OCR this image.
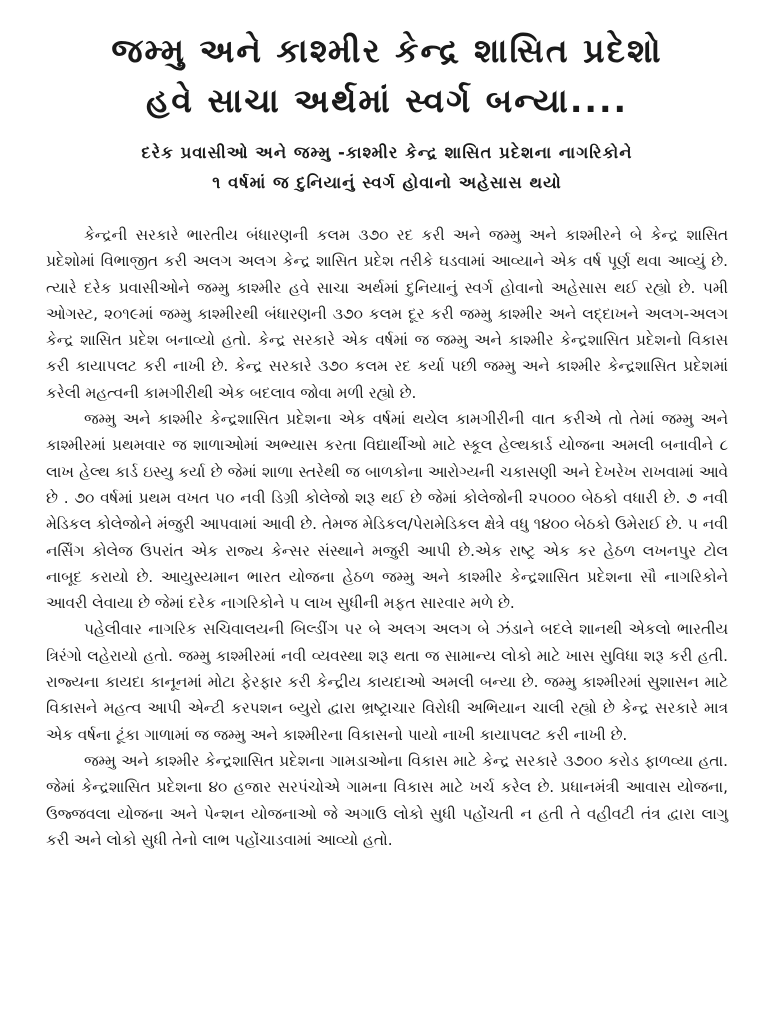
જમ્મુ અને કાશ્મીર કેન્દ્ર શાસિત પ્રદેશો
હવે સાચા અર્થમાં સ્વર્ગ બન્યા....
દરેક પ્રવાસીઓ અને જમ્મુ -કાશ્મીર કેન્દ્ર શાસિત પ્રદેશના નાગરિકોને
૧ વર્ષમાં જ દુનિયાનું સ્વર્ગ હોવાનો અહેસાસ થયો

કેન્દ્રની સરકારે ભારતીય બંધારણની કલમ ૩૭૦ રદ કરી અને જમ્મુ અને કાશ્મીરને બે કેન્દ્ર શાસિત પ્રદેશોમાં વિભાજીત કરી અલગ અલગ કેન્દ્ર શાસિત પ્રદેશ તરીકે ઘડવામાં આવ્યાને એક વર્ષ પૂર્ણ થવા આવ્યું છે. ત્યારે દરેક પ્રવાસીઓને જમ્મુ કાશ્મીર હવે સાચા અર્થમાં દુનિયાનું સ્વર્ગ હોવાનો અહેસાસ થઈ રહ્યો છે. ૫મી ઓગસ્ટ, ૨૦૧૯માં જમ્મુ કાશ્મીરથી બંધારણની ૩૭૦ કલમ દૂર કરી જમ્મુ કાશ્મીર અને લદ્દાખને અલગ-અલગ કેન્દ્ર શાસિત પ્રદેશ બનાવ્યો હતો. કેન્દ્ર સરકારે એક વર્ષમાં જ જમ્મુ અને કાશ્મીર કેન્દ્રશાસિત પ્રદેશનો વિકાસ કરી કાયાપલટ કરી નાખી છે. કેન્દ્ર સરકારે ૩૭૦ કલમ રદ કર્યા પછી જમ્મુ અને કાશ્મીર કેન્દ્રશાસિત પ્રદેશમાં કરેલી મહત્વની કામગીરીથી એક બદલાવ જોવા મળી રહ્યો છે.

જમ્મુ અને કાશ્મીર કેન્દ્રશાસિત પ્રદેશના એક વર્ષમાં થયેલ કામગીરીની વાત કરીએ તો તેમાં જમ્મુ અને કાશ્મીરમાં પ્રથમવાર જ શાળાઓમાં અભ્યાસ કરતા વિદ્યાર્થીઓ માટે સ્કૂલ હેલ્થકાર્ડ યોજના અમલી બનાવીને ૮ લાખ હેલ્થ કાર્ડ ઇસ્યુ કર્યા છે જેમાં શાળા સ્તરેથી જ બાળકોના આરોગ્યની ચકાસણી અને દેખરેખ રાખવામાં આવે છે . ૭૦ વર્ષમાં પ્રથમ વખત ૫૦ નવી ડિગ્રી કોલેજો શરૂ થઈ છે જેમાં કોલેજોની ૨૫૦૦૦ બેઠકો વધારી છે. ૭ નવી મેડિકલ કોલેજોને મંજુરી આપવામાં આવી છે. તેમજ મેડિકલ/પેરામેડિકલ ક્ષેત્રે વધુ ૧૪૦૦ બેઠકો ઉમેરાઈ છે. ૫ નવી નર્સિંગ કોલેજ ઉપરાંત એક રાજ્ય કેન્સર સંસ્થાને મજુરી આપી છે.એક રાષ્ટ્ર એક કર હેઠળ લખનપુર ટોલ નાબૂદ કરાયો છે. આયુસ્યમાન ભારત યોજના હેઠળ જમ્મુ અને કાશ્મીર કેન્દ્રશાસિત પ્રદેશના સૌ નાગરિકોને આવરી લેવાયા છે જેમાં દરેક નાગરિકોને ૫ લાખ સુધીની મફત સારવાર મળે છે.

પહેલીવાર નાગરિક સચિવાલયની બિલ્ડીંગ પર બે અલગ અલગ બે ઝંડાને બદલે શાનથી એકલો ભારતીય ત્રિરંગો લહેરાયો હતો. જમ્મુ કાશ્મીરમાં નવી વ્યવસ્થા શરૂ થતા જ સામાન્ય લોકો માટે ખાસ સુવિધા શરૂ કરી હતી. રાજ્યના કાયદા કાનૂનમાં મોટા ફેરફાર કરી કેન્દ્રીય કાયદાઓ અમલી બન્યા છે. જમ્મુ કાશ્મીરમાં સુશાસન માટે વિકાસને મહત્વ આપી એન્ટી કરપશન બ્યુરો દ્વારા ભ્રષ્ટ્રાચાર વિરોધી અભિયાન ચાલી રહ્યો છે કેન્દ્ર સરકારે માત્ર એક વર્ષના ટૂંકા ગાળામાં જ જમ્મુ અને કાશ્મીરના વિકાસનો પાયો નાખી કાયાપલટ કરી નાખી છે.

જમ્મુ અને કાશ્મીર કેન્દ્રશાસિત પ્રદેશના ગામડાઓના વિકાસ માટે કેન્દ્ર સરકારે ૩૭૦૦ કરોડ ફાળવ્યા હતા. જેમાં કેન્દ્રશાસિત પ્રદેશના ૪૦ હજાર સરપંચોએ ગામના વિકાસ માટે ખર્ચ કરેલ છે. પ્રધાનમંત્રી આવાસ યોજના, ઉજ્જવલા યોજના અને પેન્શન યોજનાઓ જે અગાઉ લોકો સુધી પહોંચતી ન હતી તે વહીવટી તંત્ર દ્વારા લાગુ કરી અને લોકો સુધી તેનો લાભ પહોંચાડવામાં આવ્યો હતો.
